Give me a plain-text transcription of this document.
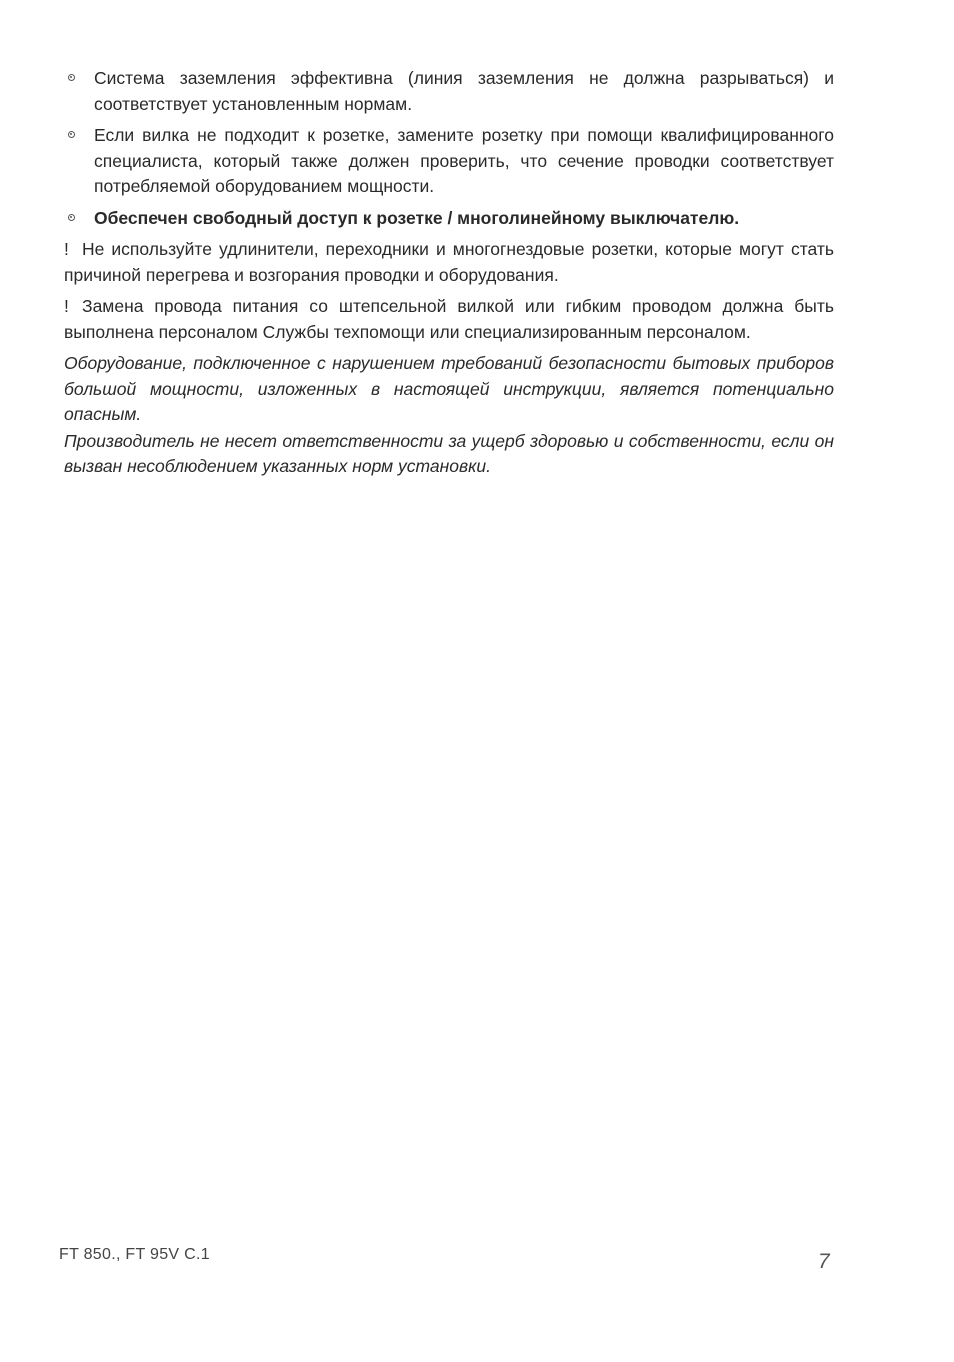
Система заземления эффективна (линия заземления не должна разрываться) и соответствует установленным нормам.
Если вилка не подходит к розетке, замените розетку при помощи квалифицированного специалиста, который также должен проверить, что сечение проводки соответствует потребляемой оборудованием мощности.
Обеспечен свободный доступ к розетке / многолинейному выключателю.
! Не используйте удлинители, переходники и многогнездовые розетки, которые могут стать причиной перегрева и возгорания проводки и оборудования.
! Замена провода питания со штепсельной вилкой или гибким проводом должна быть выполнена персоналом Службы техпомощи или специализированным персоналом.
Оборудование, подключенное с нарушением требований безопасности бытовых приборов большой мощности, изложенных в настоящей инструкции, является потенциально опасным.
Производитель не несет ответственности за ущерб здоровью и собственности, если он вызван несоблюдением указанных норм установки.
FT 850., FT 95V C.1	7
